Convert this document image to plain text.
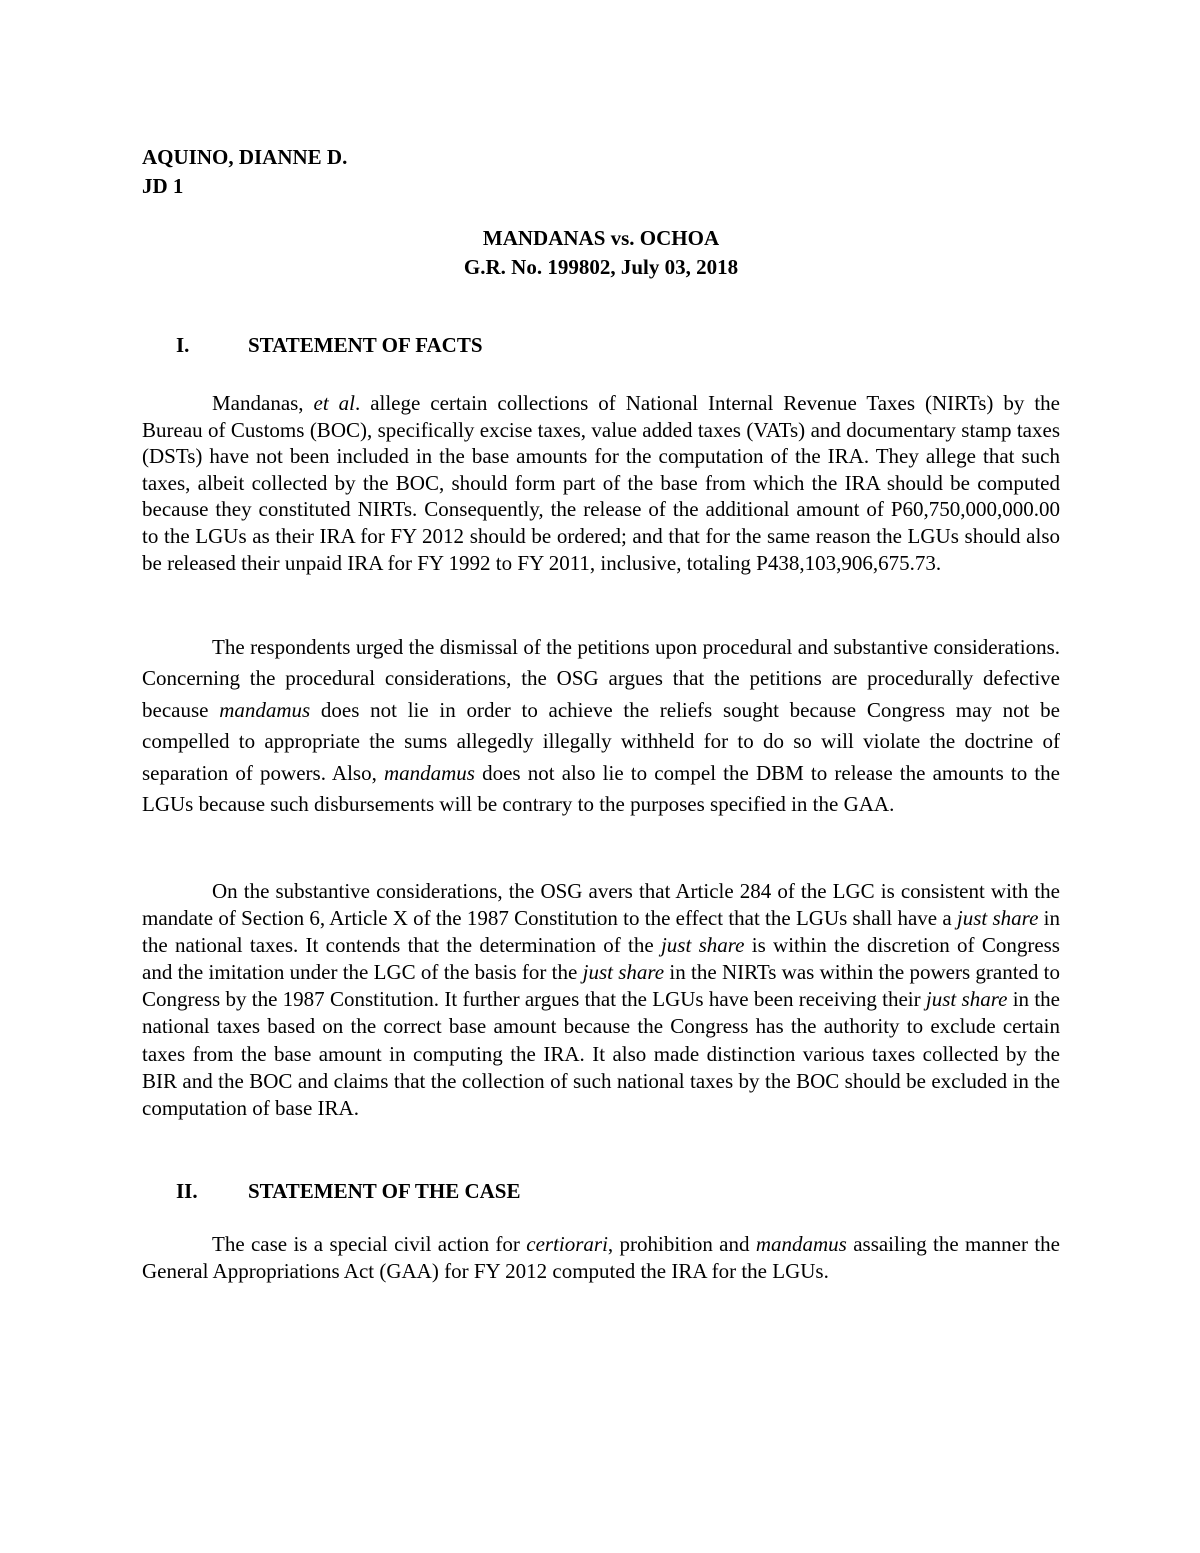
AQUINO, DIANNE D.
JD 1
MANDANAS vs. OCHOA
G.R. No. 199802, July 03, 2018
I.	STATEMENT OF FACTS

Mandanas, et al. allege certain collections of National Internal Revenue Taxes (NIRTs) by the Bureau of Customs (BOC), specifically excise taxes, value added taxes (VATs) and documentary stamp taxes (DSTs) have not been included in the base amounts for the computation of the IRA. They allege that such taxes, albeit collected by the BOC, should form part of the base from which the IRA should be computed because they constituted NIRTs. Consequently, the release of the additional amount of P60,750,000,000.00 to the LGUs as their IRA for FY 2012 should be ordered; and that for the same reason the LGUs should also be released their unpaid IRA for FY 1992 to FY 2011, inclusive, totaling P438,103,906,675.73.

The respondents urged the dismissal of the petitions upon procedural and substantive considerations. Concerning the procedural considerations, the OSG argues that the petitions are procedurally defective because mandamus does not lie in order to achieve the reliefs sought because Congress may not be compelled to appropriate the sums allegedly illegally withheld for to do so will violate the doctrine of separation of powers. Also, mandamus does not also lie to compel the DBM to release the amounts to the LGUs because such disbursements will be contrary to the purposes specified in the GAA.

On the substantive considerations, the OSG avers that Article 284 of the LGC is consistent with the mandate of Section 6, Article X of the 1987 Constitution to the effect that the LGUs shall have a just share in the national taxes. It contends that the determination of the just share is within the discretion of Congress and the imitation under the LGC of the basis for the just share in the NIRTs was within the powers granted to Congress by the 1987 Constitution. It further argues that the LGUs have been receiving their just share in the national taxes based on the correct base amount because the Congress has the authority to exclude certain taxes from the base amount in computing the IRA. It also made distinction various taxes collected by the BIR and the BOC and claims that the collection of such national taxes by the BOC should be excluded in the computation of base IRA.

II. STATEMENT OF THE CASE

The case is a special civil action for certiorari, prohibition and mandamus assailing the manner the General Appropriations Act (GAA) for FY 2012 computed the IRA for the LGUs.
